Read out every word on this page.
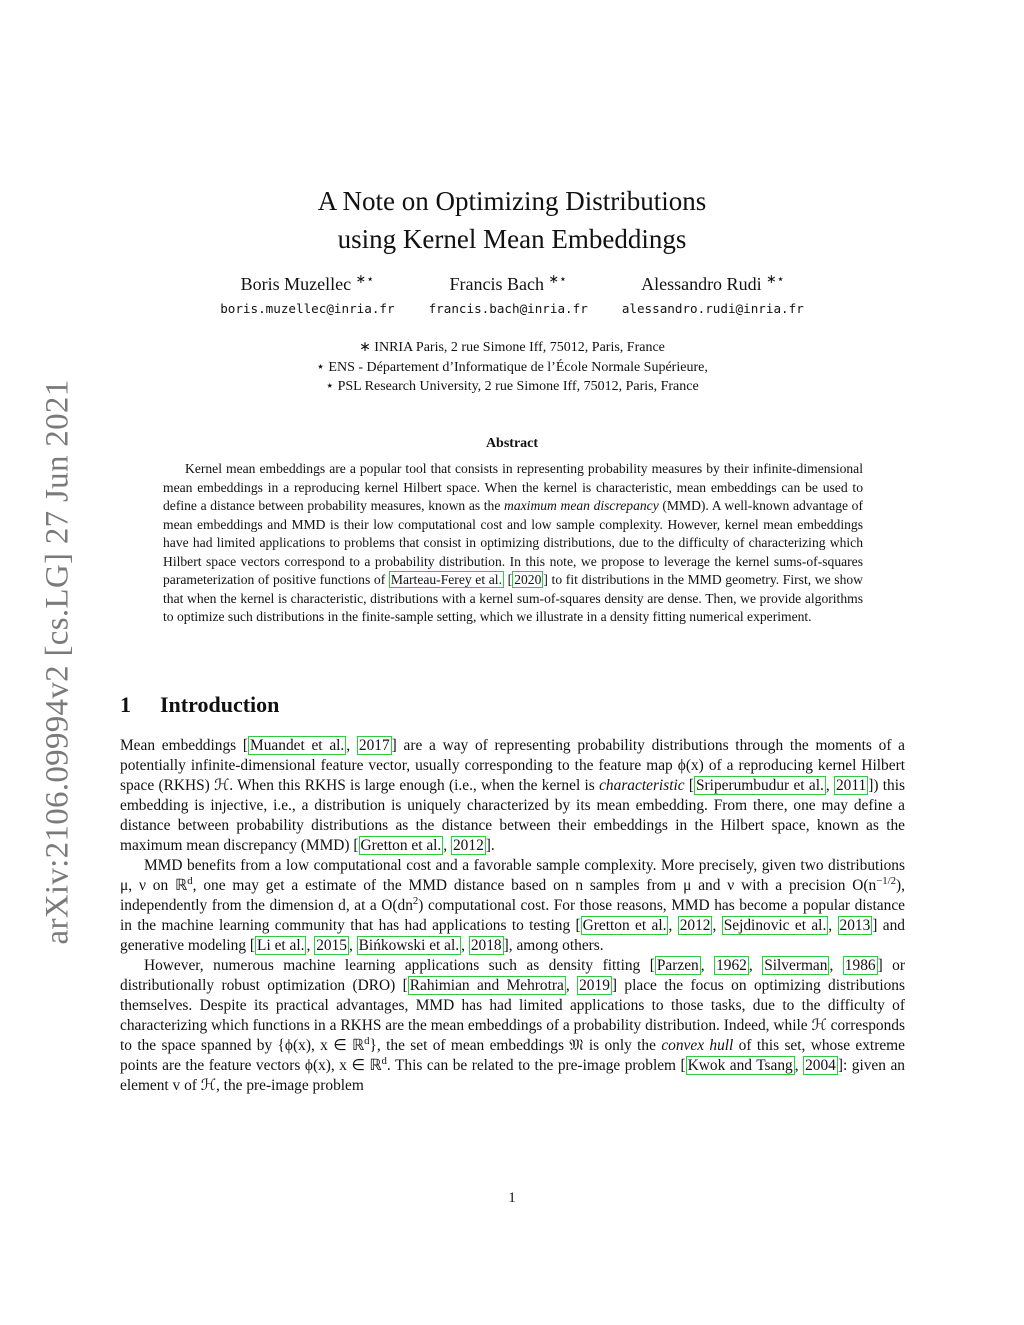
arXiv:2106.09994v2 [cs.LG] 27 Jun 2021
A Note on Optimizing Distributions
using Kernel Mean Embeddings
Boris Muzellec ∗⋆
boris.muzellec@inria.fr
Francis Bach ∗⋆
francis.bach@inria.fr
Alessandro Rudi ∗⋆
alessandro.rudi@inria.fr
∗ INRIA Paris, 2 rue Simone Iff, 75012, Paris, France
⋆ ENS - Département d’Informatique de l’École Normale Supérieure,
⋆ PSL Research University, 2 rue Simone Iff, 75012, Paris, France
Abstract

Kernel mean embeddings are a popular tool that consists in representing probability measures by their infinite-dimensional mean embeddings in a reproducing kernel Hilbert space. When the kernel is characteristic, mean embeddings can be used to define a distance between probability measures, known as the maximum mean discrepancy (MMD). A well-known advantage of mean embeddings and MMD is their low computational cost and low sample complexity. However, kernel mean embeddings have had limited applications to problems that consist in optimizing distributions, due to the difficulty of characterizing which Hilbert space vectors correspond to a probability distribution. In this note, we propose to leverage the kernel sums-of-squares parameterization of positive functions of Marteau-Ferey et al. [ 2020 ] to fit distributions in the MMD geometry. First, we show that when the kernel is characteristic, distributions with a kernel sum-of-squares density are dense. Then, we provide algorithms to optimize such distributions in the finite-sample setting, which we illustrate in a density fitting numerical experiment.

1 Introduction

Mean embeddings [ Muandet et al. , 2017 ] are a way of representing probability distributions through the moments of a potentially infinite-dimensional feature vector, usually corresponding to the feature map ϕ(x) of a reproducing kernel Hilbert space (RKHS) ℋ. When this RKHS is large enough (i.e., when the kernel is characteristic [ Sriperumbudur et al. , 2011 ]) this embedding is injective, i.e., a distribution is uniquely characterized by its mean embedding. From there, one may define a distance between probability distributions as the distance between their embeddings in the Hilbert space, known as the maximum mean discrepancy (MMD) [ Gretton et al. , 2012 ].

MMD benefits from a low computational cost and a favorable sample complexity. More precisely, given two distributions μ, ν on ℝ$^d$, one may get a estimate of the MMD distance based on n samples from μ and ν with a precision $O(n^{-1/2})$, independently from the dimension d, at a $O(dn^2)$ computational cost. For those reasons, MMD has become a popular distance in the machine learning community that has had applications to testing [ Gretton et al. , 2012 , Sejdinovic et al. , 2013 ] and generative modeling [ Li et al. , 2015 , Bińkowski et al. , 2018 ], among others.

However, numerous machine learning applications such as density fitting [ Parzen , 1962 , Silverman , 1986 ] or distributionally robust optimization (DRO) [ Rahimian and Mehrotra , 2019 ] place the focus on optimizing distributions themselves. Despite its practical advantages, MMD has had limited applications to those tasks, due to the difficulty of characterizing which functions in a RKHS are the mean embeddings of a probability distribution. Indeed, while ℋ corresponds to the space spanned by {ϕ(x), x ∈ ℝ$^d$}, the set of mean embeddings 𝔐 is only the convex hull of this set, whose extreme points are the feature vectors ϕ(x), x ∈ ℝ$^d$. This can be related to the pre-image problem [ Kwok and Tsang , 2004 ]: given an element v of ℋ, the pre-image problem

1
